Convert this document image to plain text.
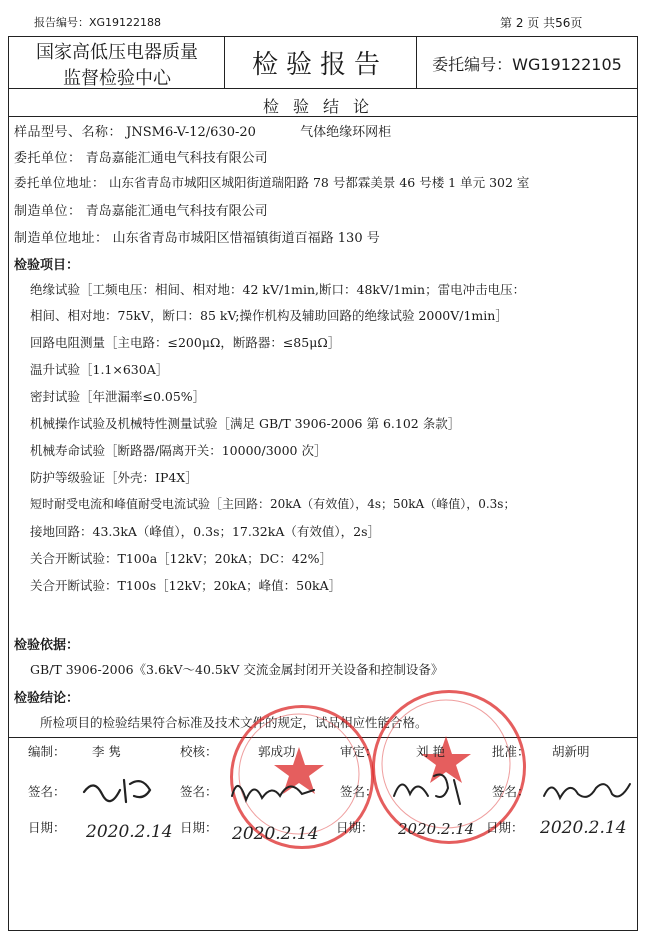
报告编号：XG19122188	第 2 页 共56页
国家高低压电器质量
监督检验中心	检验报告	委托编号：WG19122105
检验结论
样品型号、名称： JNSM6-V-12/630-20	气体绝缘环网柜
委托单位： 青岛嘉能汇通电气科技有限公司
委托单位地址： 山东省青岛市城阳区城阳街道瑞阳路 78 号都霖美景 46 号楼 1 单元 302 室
制造单位： 青岛嘉能汇通电气科技有限公司
制造单位地址： 山东省青岛市城阳区惜福镇街道百福路 130 号
检验项目：
绝缘试验［工频电压：相间、相对地：42 kV/1min,断口：48kV/1min；雷电冲击电压：
相间、相对地：75kV，断口：85 kV;操作机构及辅助回路的绝缘试验 2000V/1min］
回路电阻测量［主电路：≤200μΩ，断路器：≤85μΩ］
温升试验［1.1×630A］
密封试验［年泄漏率≤0.05%］
机械操作试验及机械特性测量试验［满足 GB/T 3906-2006 第 6.102 条款］
机械寿命试验［断路器/隔离开关：10000/3000 次］
防护等级验证［外壳：IP4X］
短时耐受电流和峰值耐受电流试验［主回路：20kA（有效值），4s；50kA（峰值），0.3s；
接地回路：43.3kA（峰值），0.3s；17.32kA（有效值），2s］
关合开断试验：T100a［12kV；20kA；DC：42%］
关合开断试验：T100s［12kV；20kA；峰值：50kA］
检验依据：
GB/T 3906-2006《3.6kV～40.5kV 交流金属封闭开关设备和控制设备》
检验结论：
所检项目的检验结果符合标准及技术文件的规定，试品相应性能合格。
编制： 李隽	校核：	郭成功	审定：	刘艳	批准： 胡新明
签名：	签名：	签名：	签名：
日期： 2020.2.14 日期： 2020.2.14 日期： 2020.2.14 日期： 2020.2.14
